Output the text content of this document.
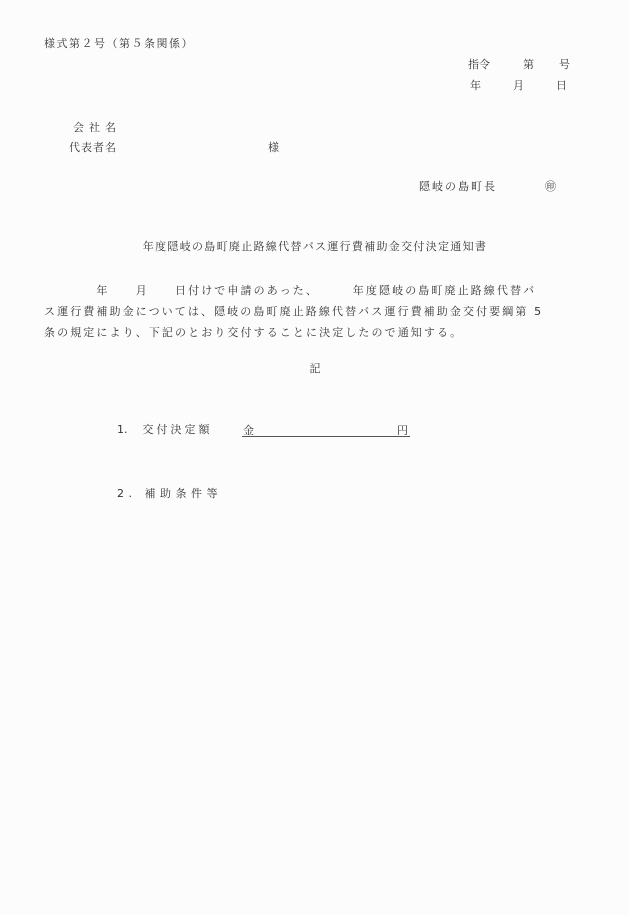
様式第２号（第５条関係）
指令	第 号
年	月	日
会社名
代表者名	様
隠岐の島町長	㊞
年度隠岐の島町廃止路線代替バス運行費補助金交付決定通知書
　　　　年　　月　　日付けで申請のあった、　　　年度隠岐の島町廃止路線代替バ
ス運行費補助金については、隠岐の島町廃止路線代替バス運行費補助金交付要綱第 5
条の規定により、下記のとおり交付することに決定したので通知する。
記
1. 交付決定額	金	円
2. 補助条件等
